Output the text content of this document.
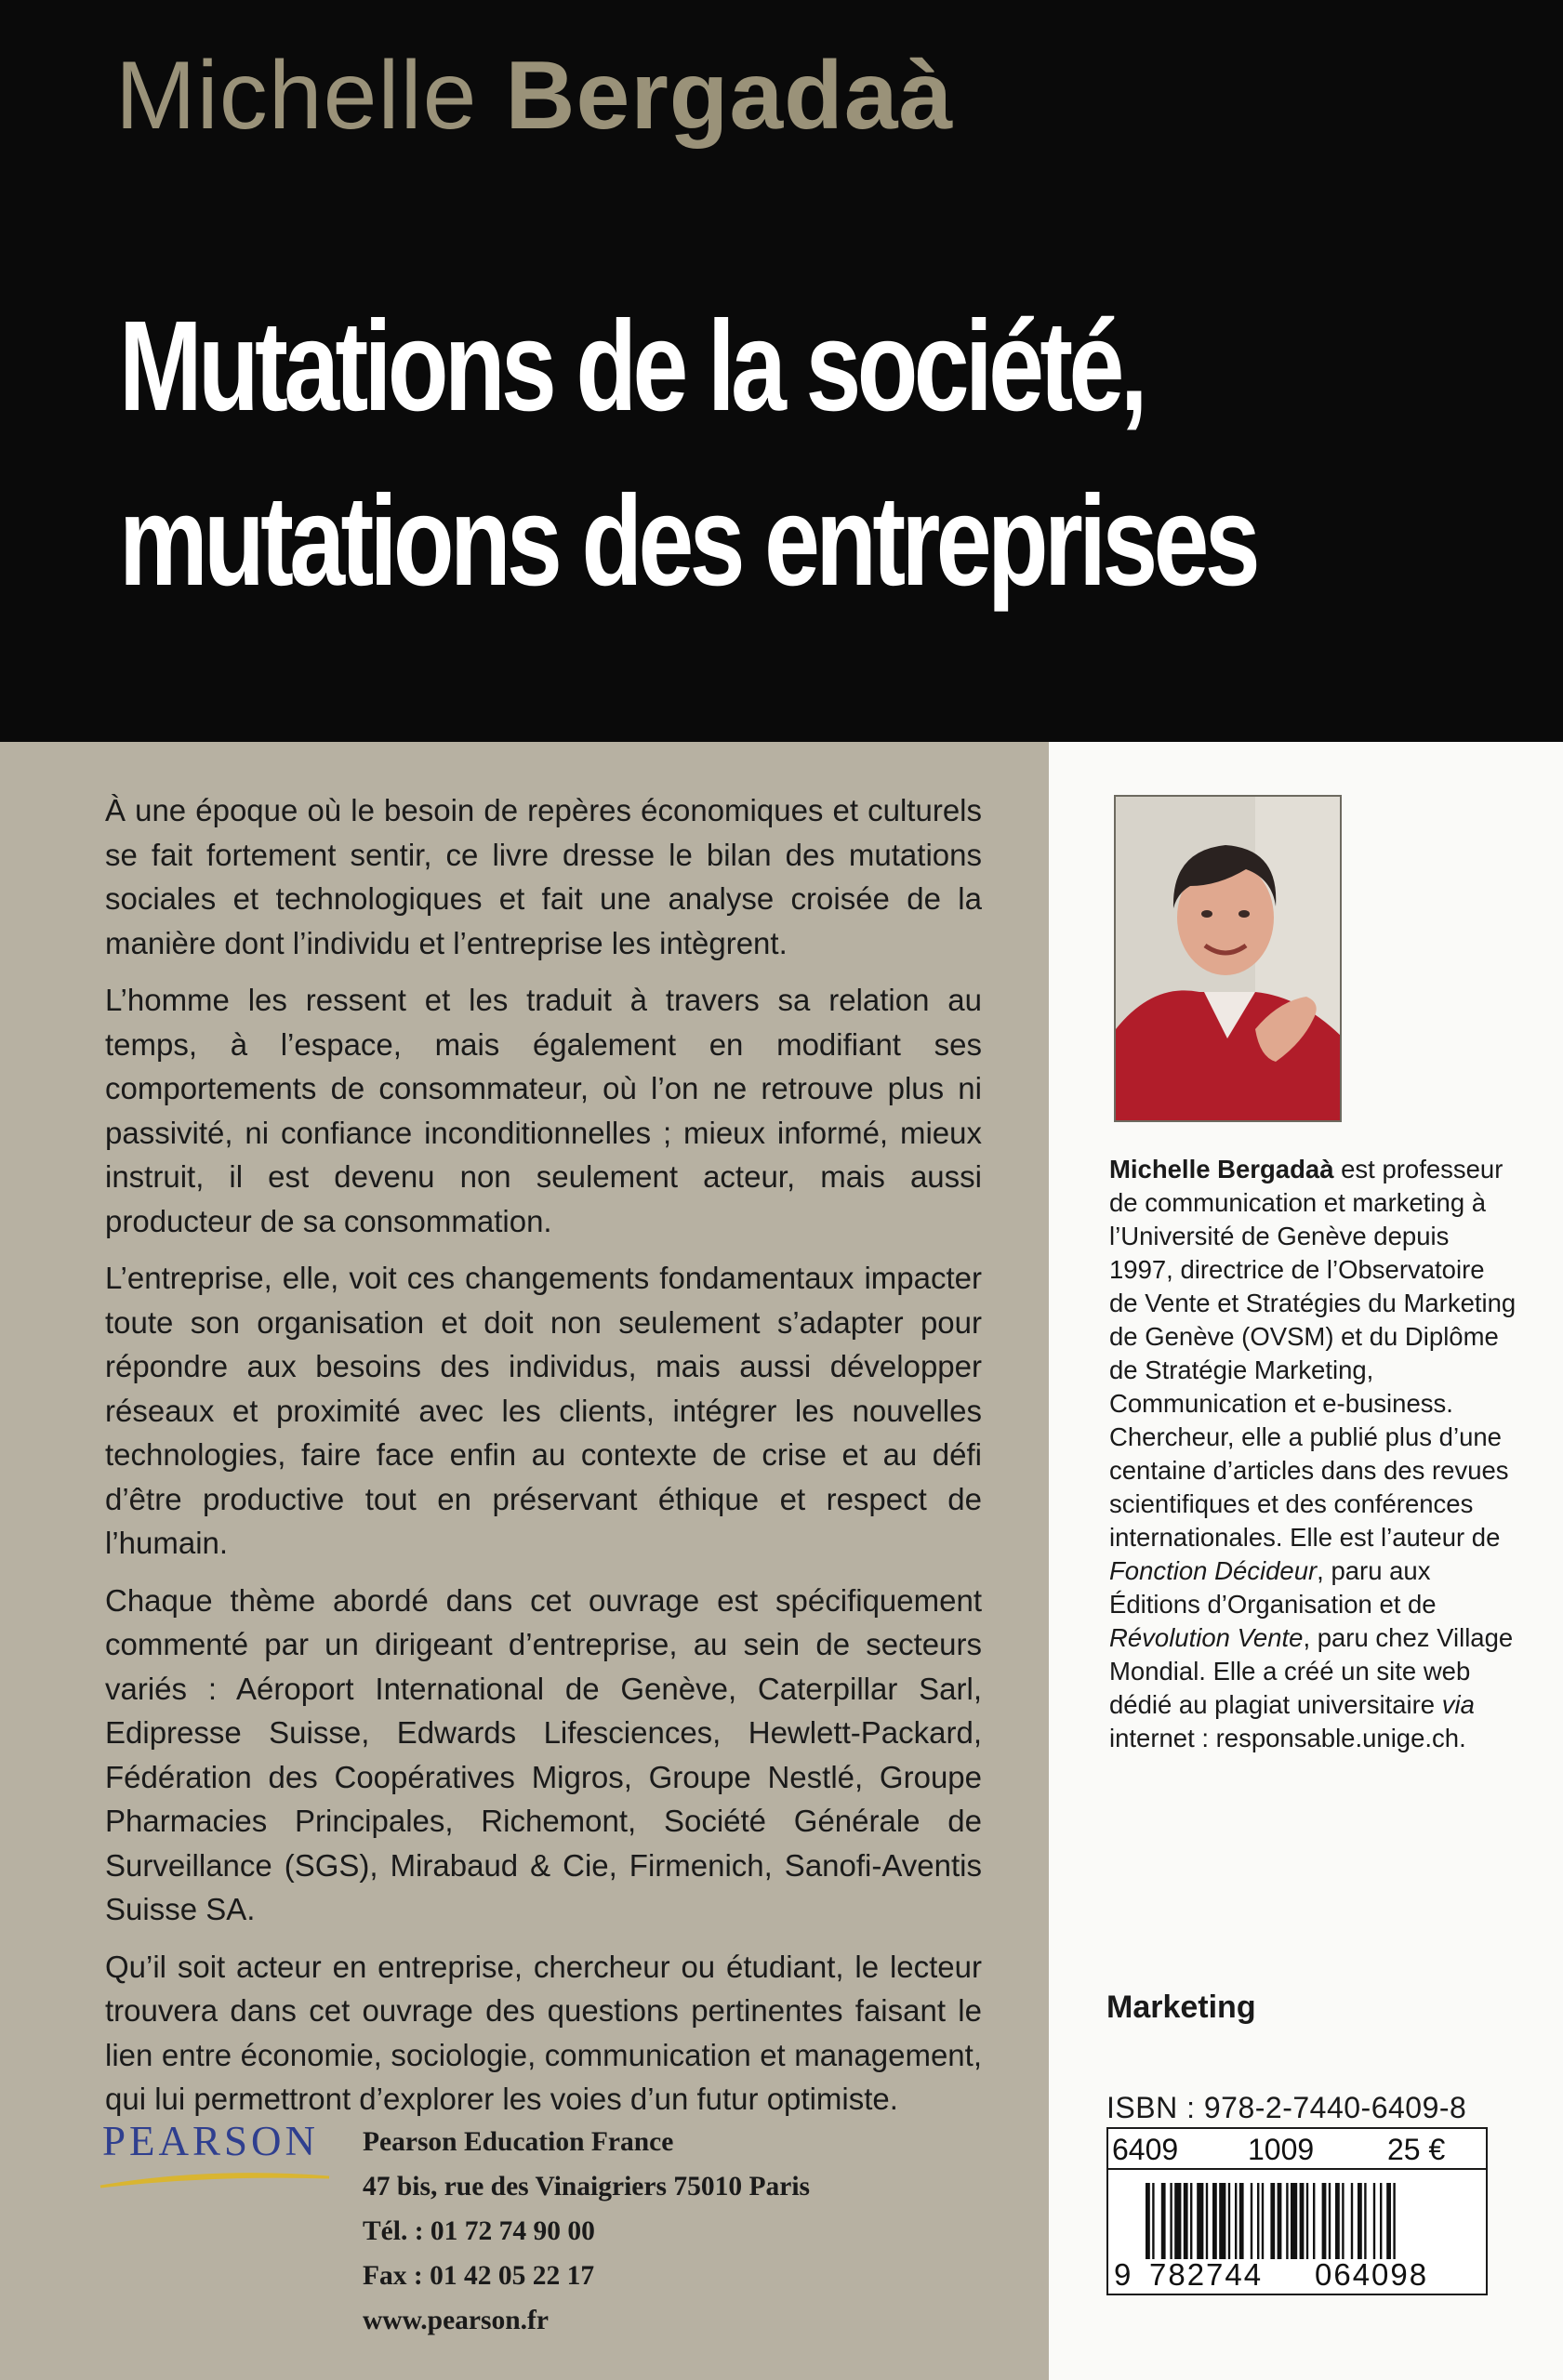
Michelle Bergadaà
Mutations de la société,
mutations des entreprises

À une époque où le besoin de repères économiques et culturels se fait fortement sentir, ce livre dresse le bilan des mutations sociales et technologiques et fait une analyse croisée de la manière dont l’individu et l’entreprise les intègrent.

L’homme les ressent et les traduit à travers sa relation au temps, à l’espace, mais également en modifiant ses comportements de consommateur, où l’on ne retrouve plus ni passivité, ni confiance inconditionnelles ; mieux informé, mieux instruit, il est devenu non seulement acteur, mais aussi producteur de sa consommation.

L’entreprise, elle, voit ces changements fondamentaux impacter toute son organisation et doit non seulement s’adapter pour répondre aux besoins des individus, mais aussi développer réseaux et proximité avec les clients, intégrer les nouvelles technologies, faire face enfin au contexte de crise et au défi d’être productive tout en préservant éthique et respect de l’humain.

Chaque thème abordé dans cet ouvrage est spécifiquement commenté par un dirigeant d’entreprise, au sein de secteurs variés : Aéroport International de Genève, Caterpillar Sarl, Edipresse Suisse, Edwards Lifesciences, Hewlett-Packard, Fédération des Coopératives Migros, Groupe Nestlé, Groupe Pharmacies Principales, Richemont, Société Générale de Surveillance (SGS), Mirabaud & Cie, Firmenich, Sanofi-Aventis Suisse SA.

Qu’il soit acteur en entreprise, chercheur ou étudiant, le lecteur trouvera dans cet ouvrage des questions pertinentes faisant le lien entre économie, sociologie, communication et management, qui lui permettront d’explorer les voies d’un futur optimiste.

Michelle Bergadaà est professeur de communication et marketing à l’Université de Genève depuis 1997, directrice de l’Observatoire de Vente et Stratégies du Marketing de Genève (OVSM) et du Diplôme de Stratégie Marketing, Communication et e-business. Chercheur, elle a publié plus d’une centaine d’articles dans des revues scientifiques et des conférences internationales. Elle est l’auteur de Fonction Décideur, paru aux Éditions d’Organisation et de Révolution Vente, paru chez Village Mondial. Elle a créé un site web dédié au plagiat universitaire via internet : responsable.unige.ch.
Marketing
ISBN : 978-2-7440-6409-8
6409 1009 25 €
9 782744 064098
PEARSON Pearson Education France
47 bis, rue des Vinaigriers 75010 Paris
Tél. : 01 72 74 90 00
Fax : 01 42 05 22 17
www.pearson.fr
